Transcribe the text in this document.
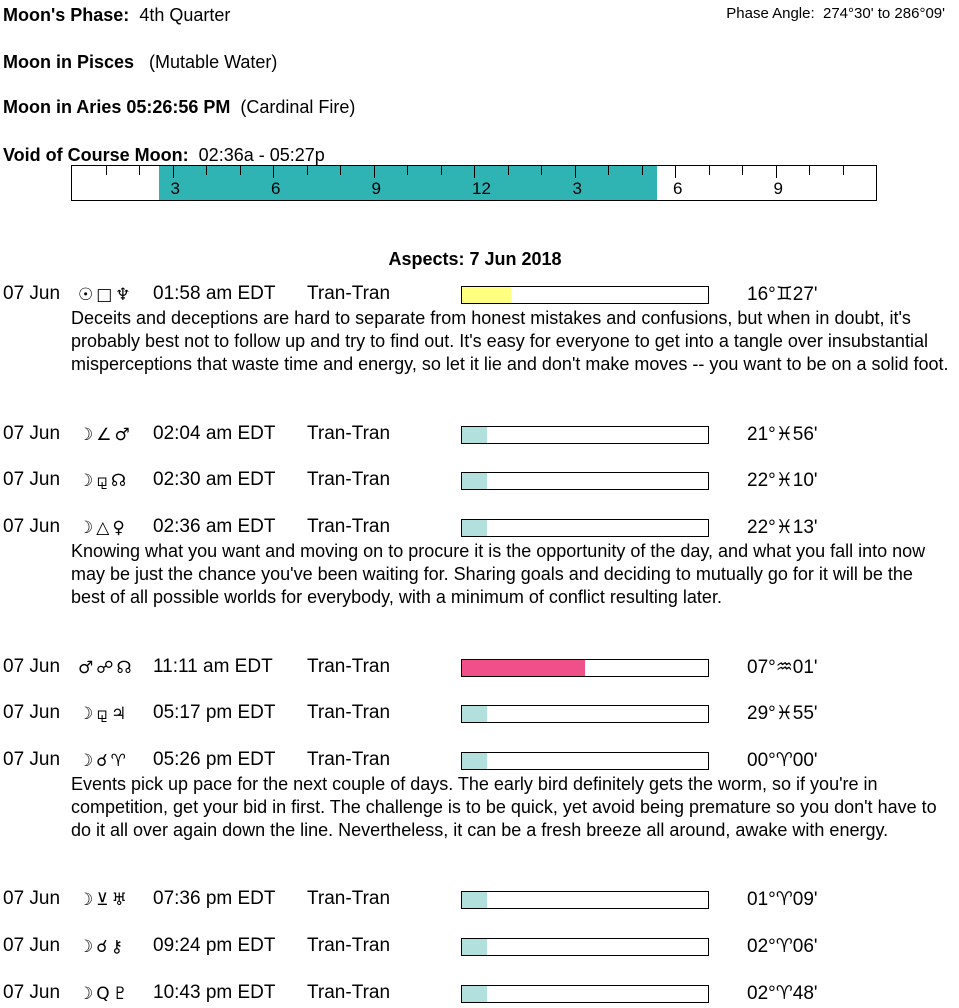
Moon's Phase: 4th Quarter	Phase Angle: 274°30' to 286°09'
Moon in Pisces (Mutable Water)
Moon in Aries 05:26:56 PM (Cardinal Fire)
Void of Course Moon: 02:36a - 05:27p
3	6	9	12	3	6	9
Aspects: 7 Jun 2018
07 Jun ☉□♆ 01:58 am EDT Tran-Tran	16°♊27'
Deceits and deceptions are hard to separate from honest mistakes and confusions, but when in doubt, it's probably best not to follow up and try to find out. It's easy for everyone to get into a tangle over insubstantial misperceptions that waste time and energy, so let it lie and don't make moves -- you want to be on a solid foot.
07 Jun ☽∠♂ 02:04 am EDT Tran-Tran	21°♓56'
07 Jun ☽⚼☊ 02:30 am EDT Tran-Tran	22°♓10'
07 Jun ☽△♀ 02:36 am EDT Tran-Tran	22°♓13'
Knowing what you want and moving on to procure it is the opportunity of the day, and what you fall into now may be just the chance you've been waiting for. Sharing goals and deciding to mutually go for it will be the best of all possible worlds for everybody, with a minimum of conflict resulting later.
07 Jun ♂☍☊ 11:11 am EDT Tran-Tran	07°♒01'
07 Jun ☽⚼♃ 05:17 pm EDT Tran-Tran	29°♓55'
07 Jun ☽☌♈ 05:26 pm EDT Tran-Tran	00°♈00'
Events pick up pace for the next couple of days. The early bird definitely gets the worm, so if you're in competition, get your bid in first. The challenge is to be quick, yet avoid being premature so you don't have to do it all over again down the line. Nevertheless, it can be a fresh breeze all around, awake with energy.
07 Jun ☽⊻♅ 07:36 pm EDT Tran-Tran	01°♈09'
07 Jun ☽☌⚷ 09:24 pm EDT Tran-Tran	02°♈06'
07 Jun ☽Q♇ 10:43 pm EDT Tran-Tran	02°♈48'
